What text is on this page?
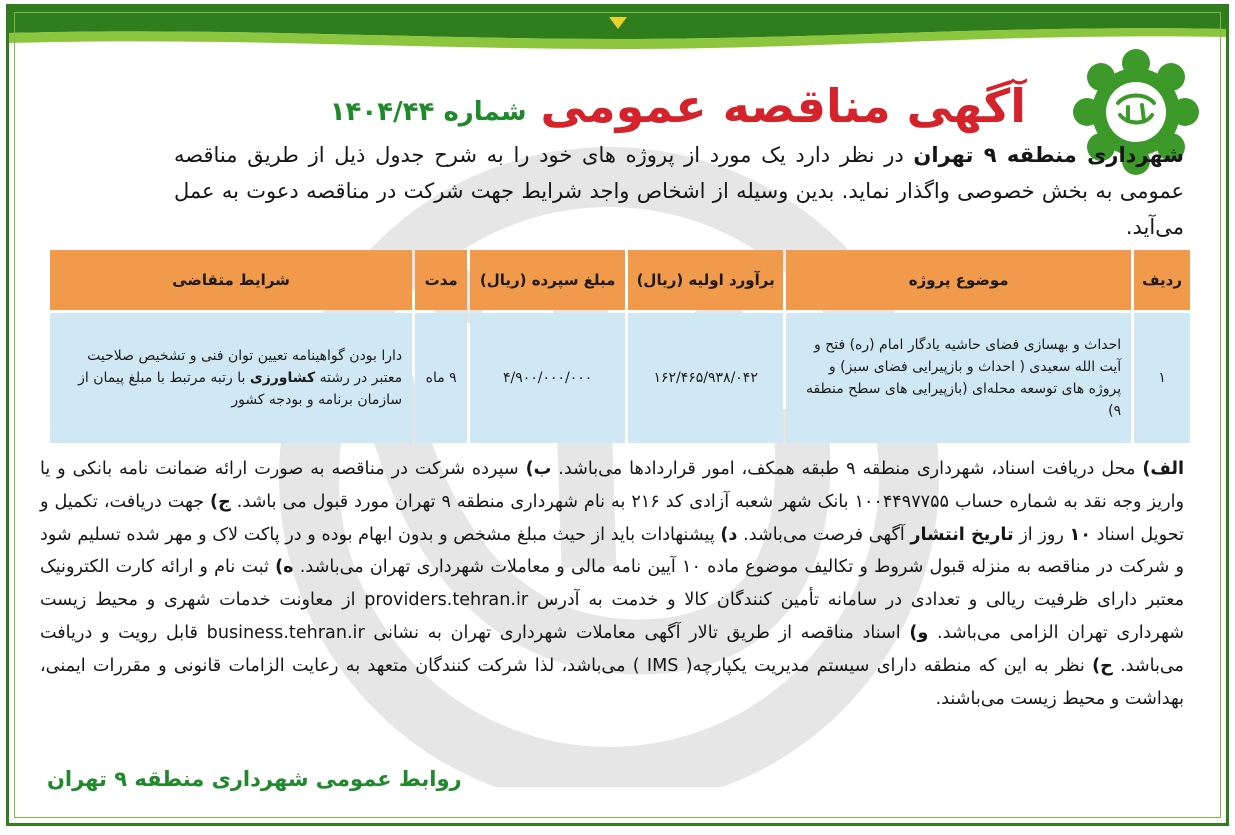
آگهی مناقصه عمومی
شماره ۱۴۰۴/۴۴
شهرداری منطقه ۹ تهران در نظر دارد یک مورد از پروژه های خود را به شرح جدول ذیل از طریق مناقصه عمومی به بخش خصوصی واگذار نماید. بدین وسیله از اشخاص واجد شرایط جهت شرکت در مناقصه دعوت به عمل می‌آید.
ردیف	موضوع پروژه	برآورد اولیه (ریال)	مبلغ سپرده (ریال)	مدت	شرایط متقاضی
۱	احداث و بهسازی فضای حاشیه یادگار امام (ره) فتح و آیت الله سعیدی ( احداث و بازپیرایی فضای سبز) و پروژه های توسعه محله‌ای (بازپیرایی های سطح منطقه ۹)	۱۶۲/۴۶۵/۹۳۸/۰۴۲	۴/۹۰۰/۰۰۰/۰۰۰	۹ ماه	دارا بودن گواهینامه تعیین توان فنی و تشخیص صلاحیت معتبر در رشته کشاورزی با رتبه مرتبط با مبلغ پیمان از سازمان برنامه و بودجه کشور
الف) محل دریافت اسناد، شهرداری منطقه ۹ طبقه همکف، امور قراردادها می‌باشد. ب) سپرده شرکت در مناقصه به صورت ارائه ضمانت نامه بانکی و یا واریز وجه نقد به شماره حساب ۱۰۰۴۴۹۷۷۵۵ بانک شهر شعبه آزادی کد ۲۱۶ به نام شهرداری منطقه ۹ تهران مورد قبول می باشد. ج) جهت دریافت، تکمیل و تحویل اسناد ۱۰ روز از تاریخ انتشار آگهی فرصت می‌باشد. د) پیشنهادات باید از حیث مبلغ مشخص و بدون ابهام بوده و در پاکت لاک و مهر شده تسلیم شود و شرکت در مناقصه به منزله قبول شروط و تکالیف موضوع ماده ۱۰ آیین نامه مالی و معاملات شهرداری تهران می‌باشد. ه) ثبت نام و ارائه کارت الکترونیک معتبر دارای ظرفیت ریالی و تعدادی در سامانه تأمین کنندگان کالا و خدمت به آدرس providers.tehran.ir از معاونت خدمات شهری و محیط زیست شهرداری تهران الزامی می‌باشد. و) اسناد مناقصه از طریق تالار آگهی معاملات شهرداری تهران به نشانی business.tehran.ir قابل رویت و دریافت می‌باشد. ح) نظر به این که منطقه دارای سیستم مدیریت یکپارچه( IMS ) می‌باشد، لذا شرکت کنندگان متعهد به رعایت الزامات قانونی و مقررات ایمنی، بهداشت و محیط زیست می‌باشند.
روابط عمومی شهرداری منطقه ۹ تهران
